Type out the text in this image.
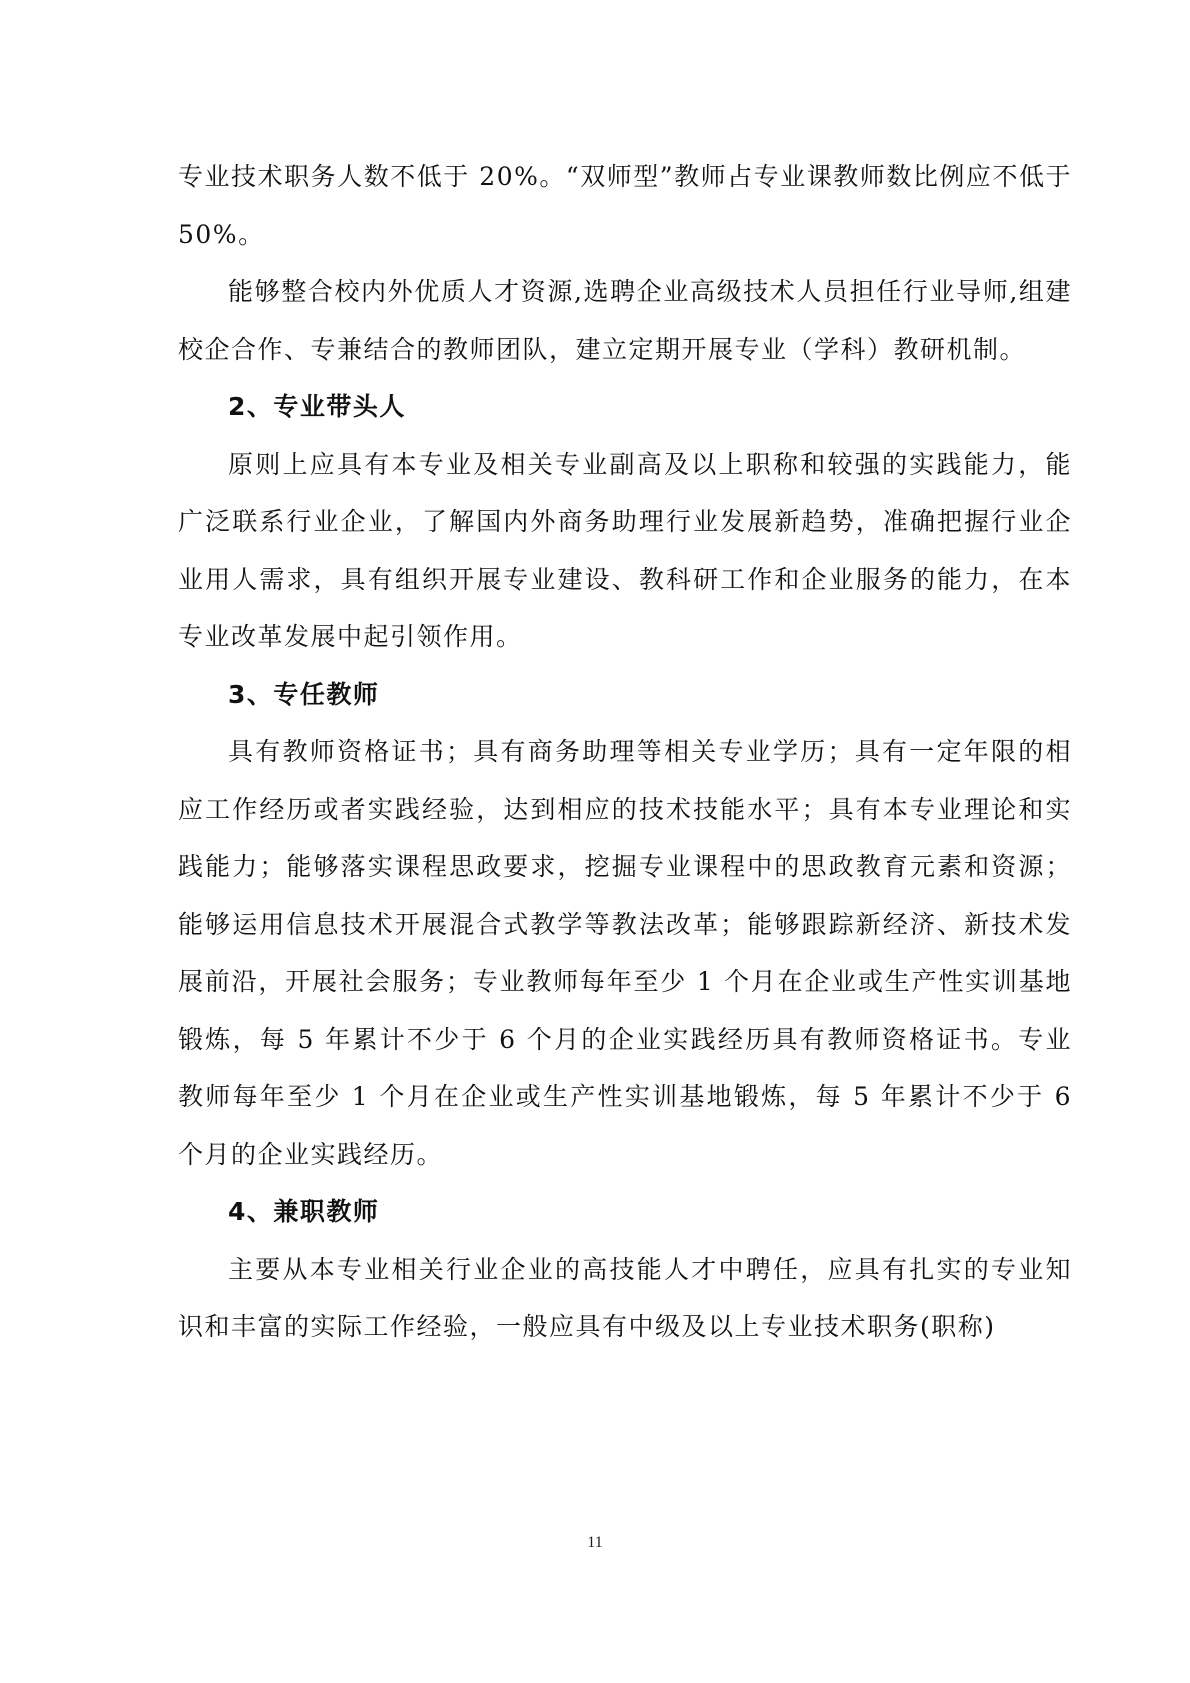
专业技术职务人数不低于 20%。“双师型”教师占专业课教师数比例应不低于 50%。

能够整合校内外优质人才资源,选聘企业高级技术人员担任行业导师,组建校企合作、专兼结合的教师团队，建立定期开展专业（学科）教研机制。

2、专业带头人

原则上应具有本专业及相关专业副高及以上职称和较强的实践能力，能广泛联系行业企业，了解国内外商务助理行业发展新趋势，准确把握行业企业用人需求，具有组织开展专业建设、教科研工作和企业服务的能力，在本专业改革发展中起引领作用。

3、专任教师

具有教师资格证书；具有商务助理等相关专业学历；具有一定年限的相应工作经历或者实践经验，达到相应的技术技能水平；具有本专业理论和实践能力；能够落实课程思政要求，挖掘专业课程中的思政教育元素和资源；能够运用信息技术开展混合式教学等教法改革；能够跟踪新经济、新技术发展前沿，开展社会服务；专业教师每年至少 1 个月在企业或生产性实训基地锻炼，每 5 年累计不少于 6 个月的企业实践经历具有教师资格证书。专业教师每年至少 1 个月在企业或生产性实训基地锻炼，每 5 年累计不少于 6 个月的企业实践经历。

4、兼职教师

主要从本专业相关行业企业的高技能人才中聘任，应具有扎实的专业知识和丰富的实际工作经验，一般应具有中级及以上专业技术职务(职称)

11
